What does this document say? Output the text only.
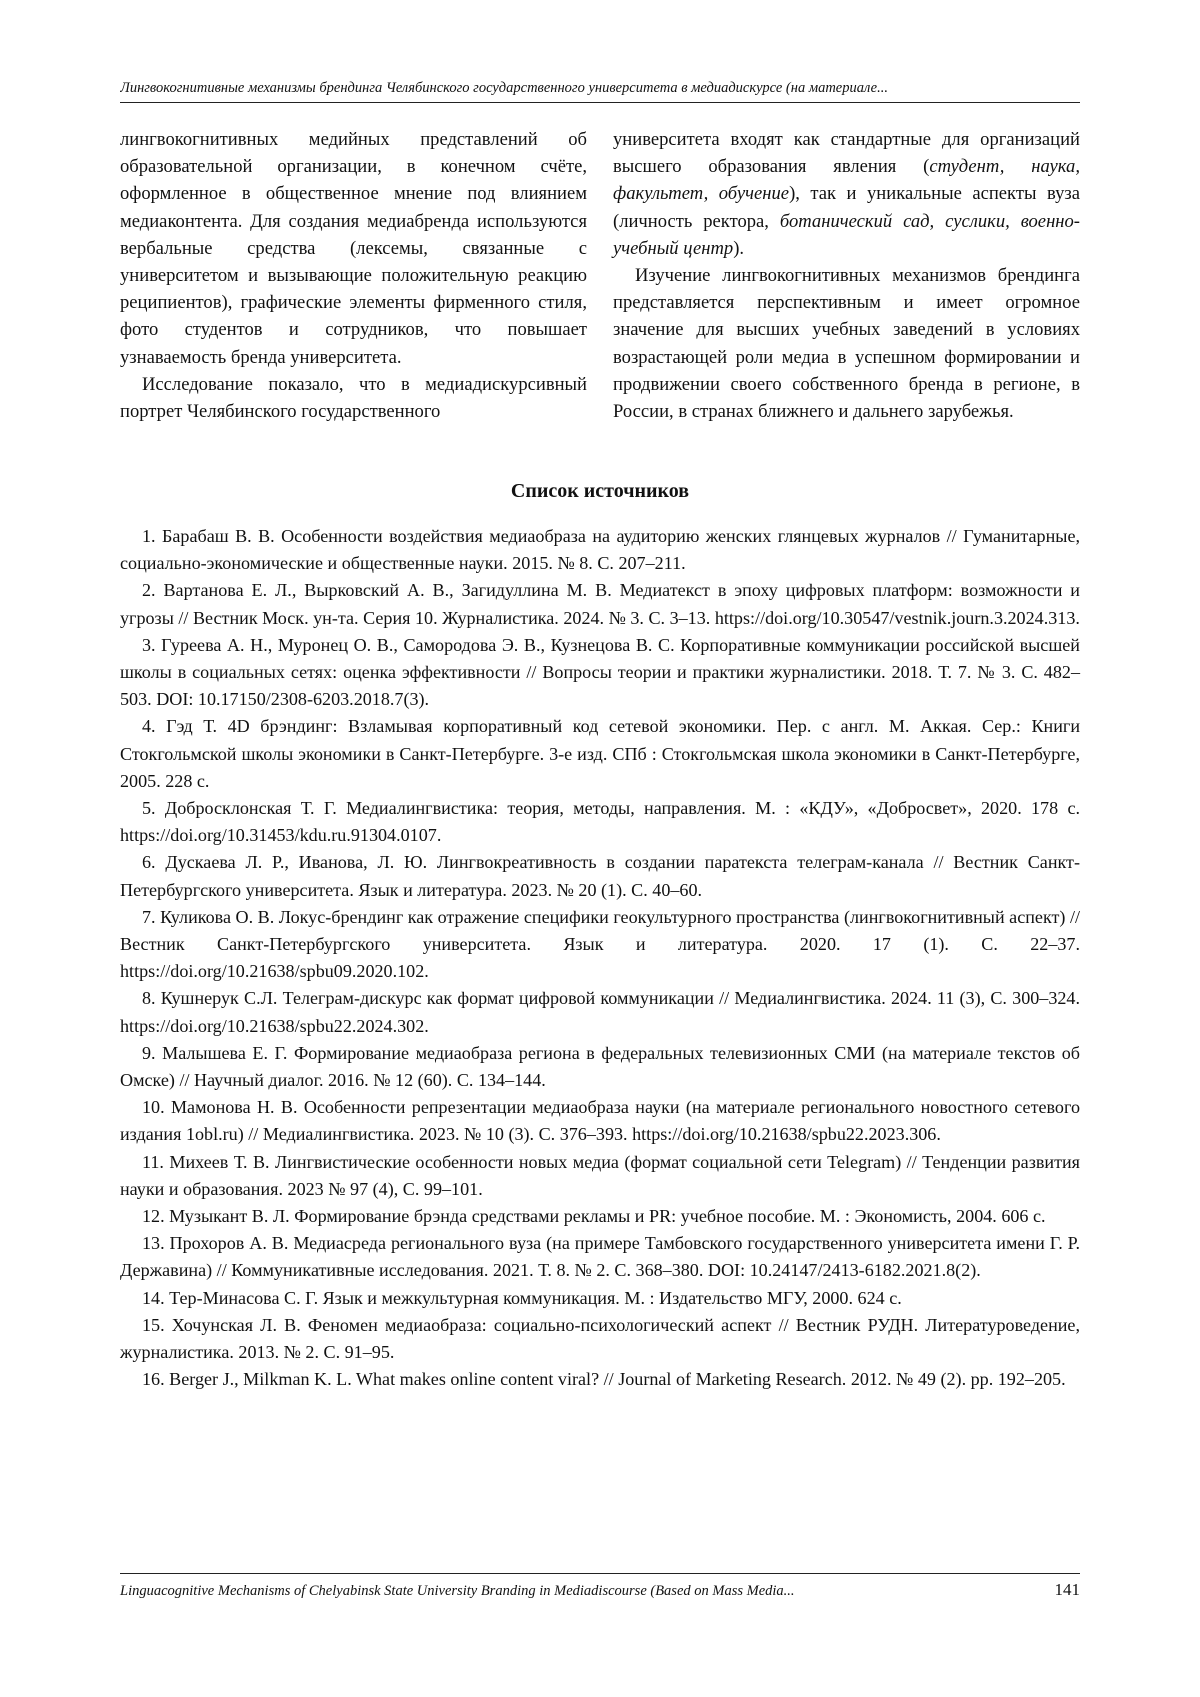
Лингвокогнитивные механизмы брендинга Челябинского государственного университета в медиадискурсе (на материале...

лингвокогнитивных медийных представлений об образовательной организации, в конечном счёте, оформленное в общественное мнение под влиянием медиаконтента. Для создания медиабренда используются вербальные средства (лексемы, связанные с университетом и вызывающие положительную реакцию реципиентов), графические элементы фирменного стиля, фото студентов и сотрудников, что повышает узнаваемость бренда университета.

Исследование показало, что в медиадискурсивный портрет Челябинского государственного

университета входят как стандартные для организаций высшего образования явления (студент, наука, факультет, обучение), так и уникальные аспекты вуза (личность ректора, ботанический сад, суслики, военно-учебный центр).

Изучение лингвокогнитивных механизмов брендинга представляется перспективным и имеет огромное значение для высших учебных заведений в условиях возрастающей роли медиа в успешном формировании и продвижении своего собственного бренда в регионе, в России, в странах ближнего и дальнего зарубежья.

Список источников
1. Барабаш В. В. Особенности воздействия медиаобраза на аудиторию женских глянцевых журналов // Гуманитарные, социально-экономические и общественные науки. 2015. № 8. С. 207–211.
2. Вартанова Е. Л., Вырковский А. В., Загидуллина М. В. Медиатекст в эпоху цифровых платформ: возможности и угрозы // Вестник Моск. ун-та. Серия 10. Журналистика. 2024. № 3. С. 3–13. https://doi.org/10.30547/vestnik.journ.3.2024.313.
3. Гуреева А. Н., Муронец О. В., Самородова Э. В., Кузнецова В. С. Корпоративные коммуникации российской высшей школы в социальных сетях: оценка эффективности // Вопросы теории и практики журналистики. 2018. Т. 7. № 3. С. 482–503. DOI: 10.17150/2308-6203.2018.7(3).
4. Гэд Т. 4D брэндинг: Взламывая корпоративный код сетевой экономики. Пер. с англ. М. Аккая. Сер.: Книги Стокгольмской школы экономики в Санкт-Петербурге. 3-е изд. СПб : Стокгольмская школа экономики в Санкт-Петербурге, 2005. 228 с.
5. Добросклонская Т. Г. Медиалингвистика: теория, методы, направления. М. : «КДУ», «Добросвет», 2020. 178 с. https://doi.org/10.31453/kdu.ru.91304.0107.
6. Дускаева Л. Р., Иванова, Л. Ю. Лингвокреативность в создании паратекста телеграм-канала // Вестник Санкт-Петербургского университета. Язык и литература. 2023. № 20 (1). С. 40–60.
7. Куликова О. В. Локус-брендинг как отражение специфики геокультурного пространства (лингвокогнитивный аспект) // Вестник Санкт-Петербургского университета. Язык и литература. 2020. 17 (1). С. 22–37. https://doi.org/10.21638/spbu09.2020.102.
8. Кушнерук С.Л. Телеграм-дискурс как формат цифровой коммуникации // Медиалингвистика. 2024. 11 (3), С. 300–324. https://doi.org/10.21638/spbu22.2024.302.
9. Малышева Е. Г. Формирование медиаобраза региона в федеральных телевизионных СМИ (на материале текстов об Омске) // Научный диалог. 2016. № 12 (60). С. 134–144.
10. Мамонова Н. В. Особенности репрезентации медиаобраза науки (на материале регионального новостного сетевого издания 1obl.ru) // Медиалингвистика. 2023. № 10 (3). С. 376–393. https://doi.org/10.21638/spbu22.2023.306.
11. Михеев Т. В. Лингвистические особенности новых медиа (формат социальной сети Telegram) // Тенденции развития науки и образования. 2023 № 97 (4), С. 99–101.
12. Музыкант В. Л. Формирование брэнда средствами рекламы и PR: учебное пособие. М. : Экономисть, 2004. 606 с.
13. Прохоров А. В. Медиасреда регионального вуза (на примере Тамбовского государственного университета имени Г. Р. Державина) // Коммуникативные исследования. 2021. Т. 8. № 2. С. 368–380. DOI: 10.24147/2413-6182.2021.8(2).
14. Тер-Минасова С. Г. Язык и межкультурная коммуникация. М. : Издательство МГУ, 2000. 624 с.
15. Хочунская Л. В. Феномен медиаобраза: социально-психологический аспект // Вестник РУДН. Литературоведение, журналистика. 2013. № 2. С. 91–95.
16. Berger J., Milkman K. L. What makes online content viral? // Journal of Marketing Research. 2012. № 49 (2). pp. 192–205.
Linguacognitive Mechanisms of Chelyabinsk State University Branding in Mediadiscourse (Based on Mass Media...	141
